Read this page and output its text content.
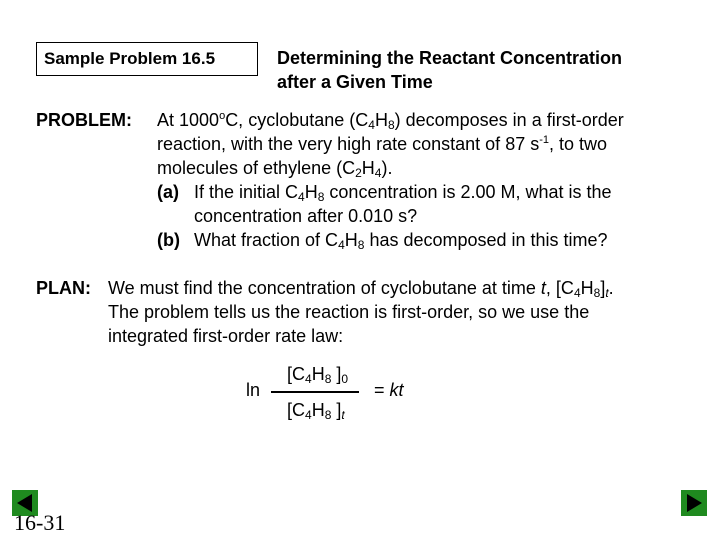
Sample Problem 16.5	Determining the Reactant Concentration
after a Given Time
PROBLEM: At 1000$^o$C, cyclobutane $(C_4H_8)$ decomposes in a first-order
reaction, with the very high rate constant of 87 $s^{-1}$, to two
molecules of ethylene $(C_2H_4)$.
(a) If the initial $C_4H_8$ concentration is 2.00 M, what is the
concentration after 0.010 s?
(b) What fraction of $C_4H_8$ has decomposed in this time?
PLAN: We must find the concentration of cyclobutane at time t, $[C_4H_8]_t$.
The problem tells us the reaction is first-order, so we use the
integrated first-order rate law:
ln
[$C_4H_8$ ]$_0$
[$C_4H_8$ ]$_t$
= kt
16-31
